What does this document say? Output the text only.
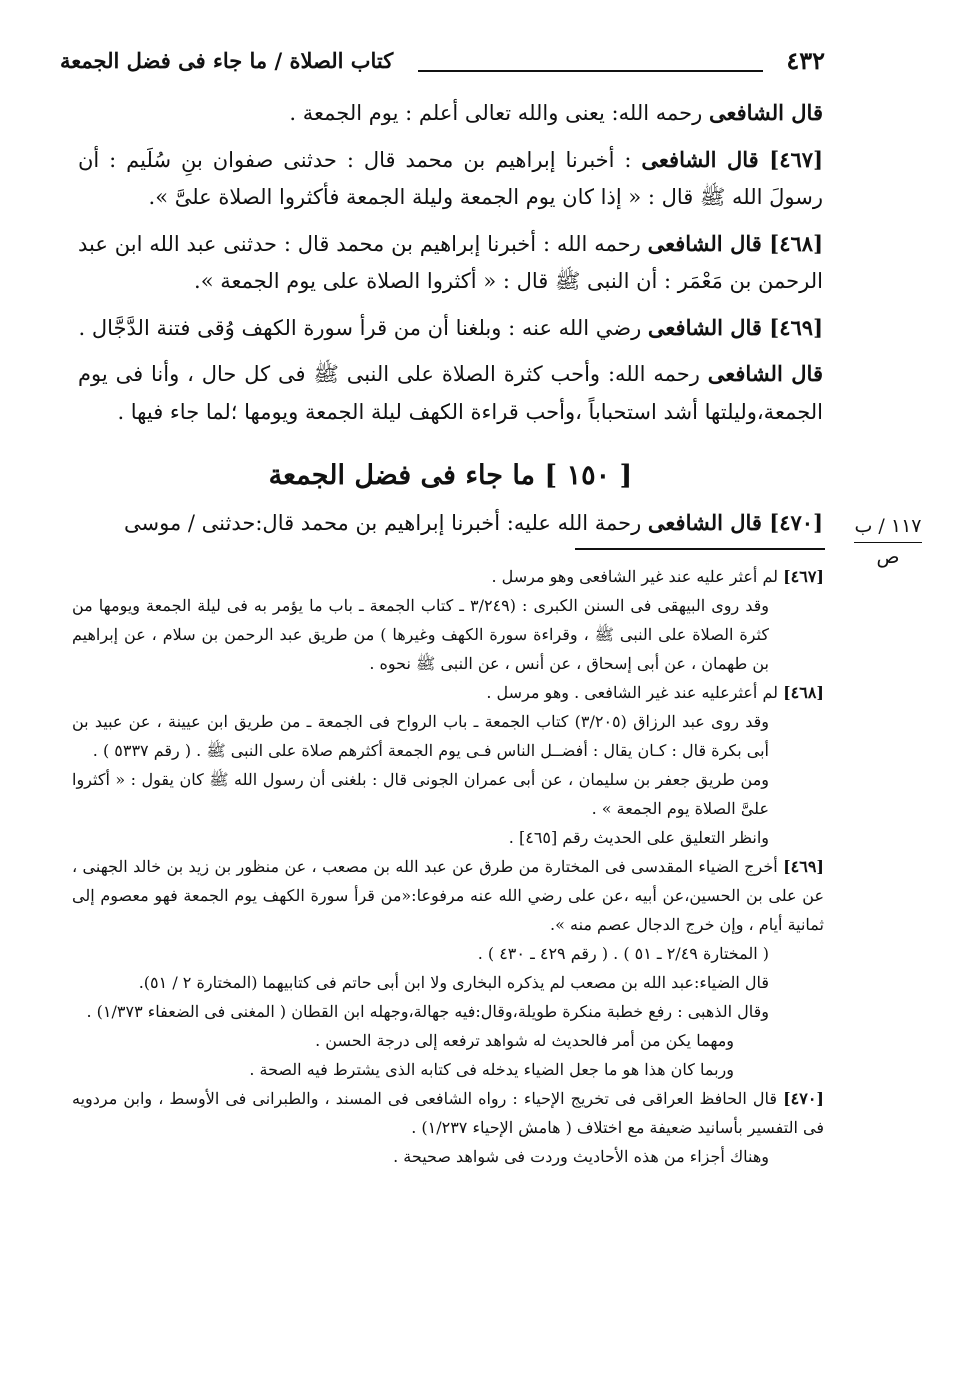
٤٣٢
كتاب الصلاة / ما جاء فى فضل الجمعة

قال الشافعى رحمه الله: يعنى والله تعالى أعلم : يوم الجمعة .

[٤٦٧] قال الشافعى : أخبرنا إبراهيم بن محمد قال : حدثنى صفوان بنِ سُلَيم : أن رسولَ الله ﷺ قال : « إذا كان يوم الجمعة وليلة الجمعة فأكثروا الصلاة علىَّ ».

[٤٦٨] قال الشافعى رحمه الله : أخبرنا إبراهيم بن محمد قال : حدثنى عبد الله ابن عبد الرحمن بن مَعْمَر : أن النبى ﷺ قال : « أكثروا الصلاة على يوم الجمعة ».

[٤٦٩] قال الشافعى رضي الله عنه : وبلغنا أن من قرأ سورة الكهف وُقى فتنة الدَّجَّال .

قال الشافعى رحمه الله: وأحب كثرة الصلاة على النبى ﷺ فى كل حال ، وأنا فى يوم الجمعة،وليلتها أشد استحباباً ،وأحب قراءة الكهف ليلة الجمعة ويومها ؛لما جاء فيها .

[ ١٥٠ ] ما جاء فى فضل الجمعة
[٤٧٠] قال الشافعى رحمة الله عليه: أخبرنا إبراهيم بن محمد قال:حدثنى / موسى	١١٧ / ب
ص

[٤٦٧] لم أعثر عليه عند غير الشافعى وهو مرسل .

وقد روى البيهقى فى السنن الكبرى : (٣/٢٤٩ ـ كتاب الجمعة ـ باب ما يؤمر به فى ليلة الجمعة ويومها من كثرة الصلاة على النبى ﷺ ، وقراءة سورة الكهف وغيرها ) من طريق عبد الرحمن بن سلام ، عن إبراهيم بن طهمان ، عن أبى إسحاق ، عن أنس ، عن النبى ﷺ نحوه .

[٤٦٨] لم أعثرعليه عند غير الشافعى . وهو مرسل .

وقد روى عبد الرزاق (٣/٢٠٥) كتاب الجمعة ـ باب الرواح فى الجمعة ـ من طريق ابن عيينة ، عن عبيد بن أبى بكرة قال : كـان يقال : أفضــل الناس فـى يوم الجمعة أكثرهم صلاة على النبى ﷺ . ( رقم ٥٣٣٧ ) .

ومن طريق جعفر بن سليمان ، عن أبى عمران الجونى قال : بلغنى أن رسول الله ﷺ كان يقول : « أكثروا علىَّ الصلاة يوم الجمعة » .

وانظر التعليق على الحديث رقم [٤٦٥] .

[٤٦٩] أخرج الضياء المقدسى فى المختارة من طرق عن عبد الله بن مصعب ، عن منظور بن زيد بن خالد الجهنى ، عن على بن الحسين،عن أبيه ،عن على رضي الله عنه مرفوعا:«من قرأ سورة الكهف يوم الجمعة فهو معصوم إلى ثمانية أيام ، وإن خرج الدجال عصم منه ».

( المختارة ٢/٤٩ ـ ٥١ ) . ( رقم ٤٢٩ ـ ٤٣٠ ) .

قال الضياء:عبد الله بن مصعب لم يذكره البخارى ولا ابن أبى حاتم فى كتابيهما (المختارة ٢ / ٥١).

وقال الذهبى : رفع خطبة منكرة طويلة،وقال:فيه جهالة،وجهله ابن القطان ( المغنى فى الضعفاء ١/٣٧٣) .

ومهما يكن من أمر فالحديث له شواهد ترفعه إلى درجة الحسن .

وربما كان هذا هو ما جعل الضياء يدخله فى كتابه الذى يشترط فيه الصحة .

[٤٧٠] قال الحافظ العراقى فى تخريج الإحياء : رواه الشافعى فى المسند ، والطبرانى فى الأوسط ، وابن مردويه فى التفسير بأسانيد ضعيفة مع اختلاف ( هامش الإحياء ١/٢٣٧) .

وهناك أجزاء من هذه الأحاديث وردت فى شواهد صحيحة .
